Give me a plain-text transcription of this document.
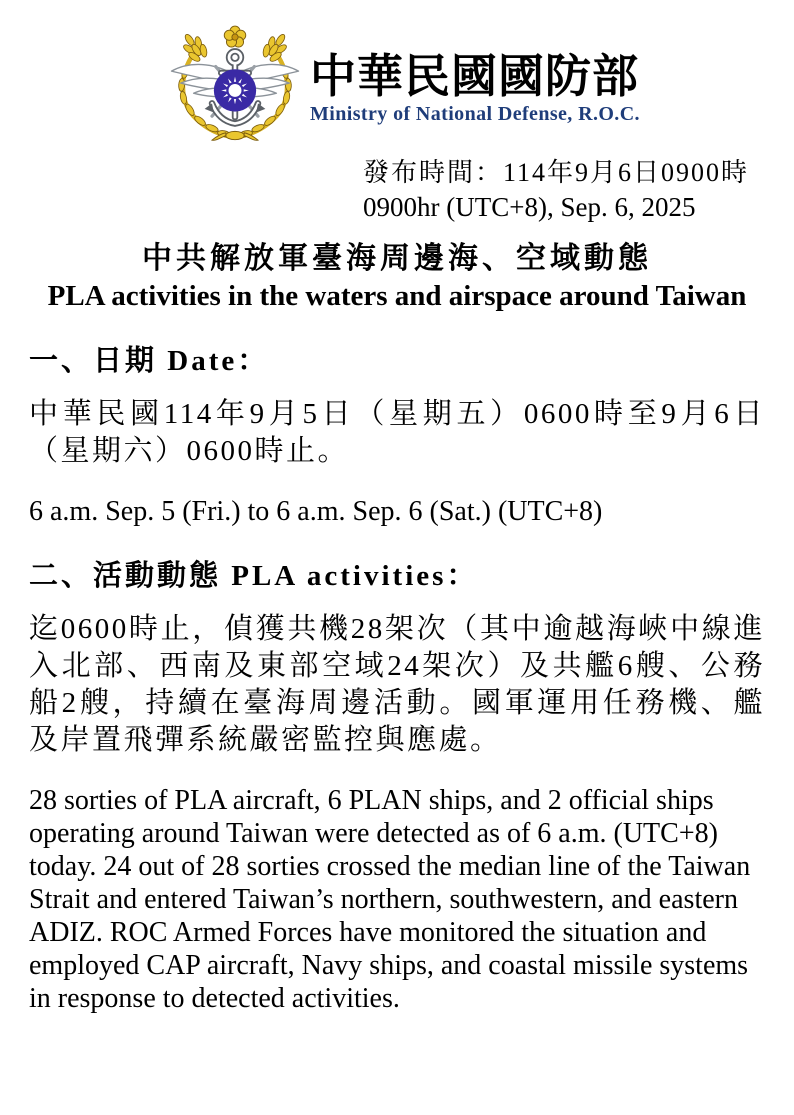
中華民國國防部
Ministry of National Defense, R.O.C.
發布時間：114年9月6日0900時
0900hr (UTC+8), Sep. 6, 2025
中共解放軍臺海周邊海、空域動態
PLA activities in the waters and airspace around Taiwan
一、日期 Date：

中華民國114年9月5日（星期五）0600時至9月6日（星期六）0600時止。

6 a.m. Sep. 5 (Fri.) to 6 a.m. Sep. 6 (Sat.) (UTC+8)

二、活動動態 PLA activities：

迄0600時止，偵獲共機28架次（其中逾越海峽中線進入北部、西南及東部空域24架次）及共艦6艘、公務船2艘，持續在臺海周邊活動。國軍運用任務機、艦及岸置飛彈系統嚴密監控與應處。

28 sorties of PLA aircraft, 6 PLAN ships, and 2 official ships operating around Taiwan were detected as of 6 a.m. (UTC+8) today. 24 out of 28 sorties crossed the median line of the Taiwan Strait and entered Taiwan’s northern, southwestern, and eastern ADIZ. ROC Armed Forces have monitored the situation and employed CAP aircraft, Navy ships, and coastal missile systems in response to detected activities.
